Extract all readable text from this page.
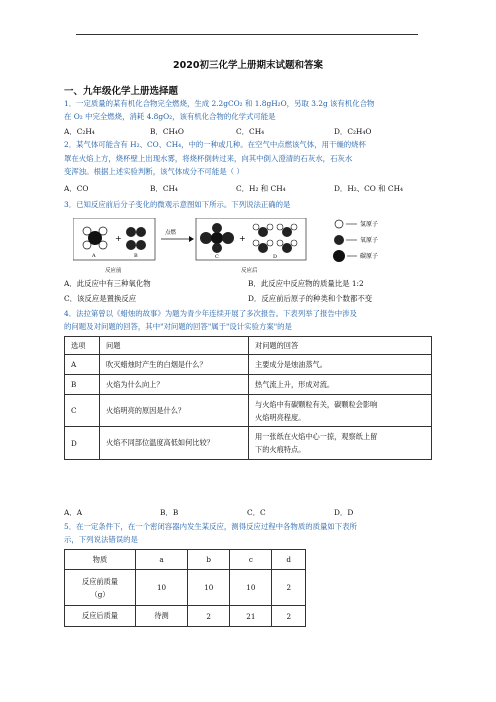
2020初三化学上册期末试题和答案
一、九年级化学上册选择题
1．一定质量的某有机化合物完全燃烧，生成 2.2gCO₂ 和 1.8gH₂O，另取 3.2g 该有机化合物
在 O₂ 中完全燃烧，消耗 4.8gO₂，该有机化合物的化学式可能是
A．C₂H₄	B．CH₄O	C．CH₄	D．C₂H₄O
2．某气体可能含有 H₂、CO、CH₄，中的一种或几种。在空气中点燃该气体，用干燥的烧杯
罩在火焰上方，烧杯壁上出现水雾，将烧杯倒转过来，向其中倒入澄清的石灰水，石灰水
变浑浊。根据上述实验判断，该气体成分不可能是（ ）
A．CO	B．CH₄	C．H₂ 和 CH₄	D．H₂、CO 和 CH₄
3．已知反应前后分子变化的微观示意图如下所示。下列说法正确的是
+
A	B
反应前
点燃
+
C	D
反应后
氢原子
氧原子
碳原子
A．此反应中有三种氧化物	B．此反应中反应物的质量比是 1:2
C．该反应是置换反应	D．反应前后原子的种类和个数都不变
4．法拉第曾以《蜡烛的故事》为题为青少年连续开展了多次报告。下表列举了报告中涉及
的问题及对问题的回答，其中"对问题的回答"属于"设计实验方案"的是
选项	问题	对问题的回答
A	吹灭蜡烛时产生的白烟是什么？	主要成分是烛油蒸气。
B	火焰为什么向上？	热气流上升，形成对流。
C	火焰明亮的原因是什么？	与火焰中有碳颗粒有关，碳颗粒会影响
火焰明亮程度。

D	火焰不同部位温度高低如何比较？	用一张纸在火焰中心一掠，观察纸上留
下的火痕特点。
A．A	B．B	C．C	D．D
5．在一定条件下，在一个密闭容器内发生某反应，测得反应过程中各物质的质量如下表所
示，下列说法错误的是
物质	a	b	c	d

反应前质量
（g）	10	10	10	2
反应后质量	待测	2	21	2
